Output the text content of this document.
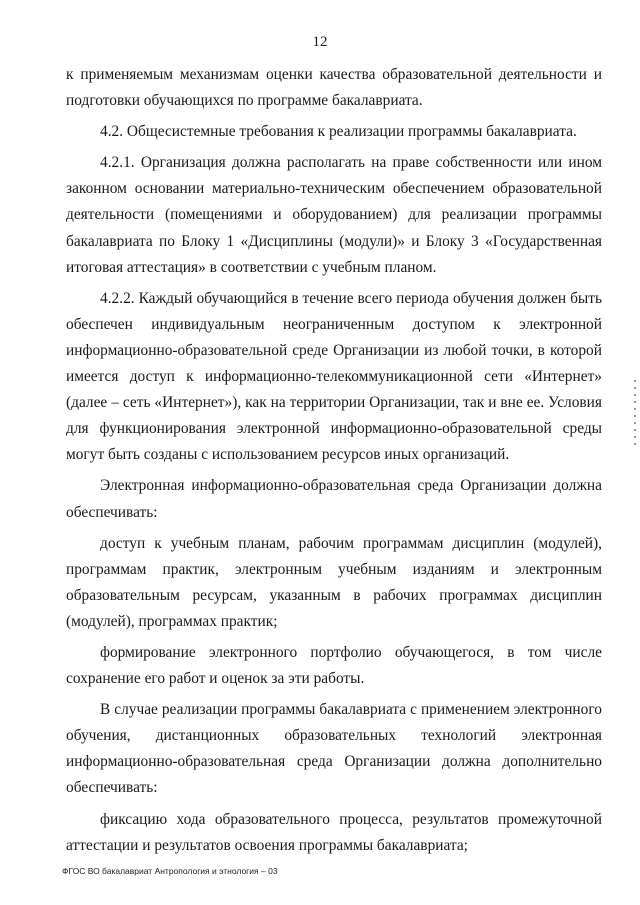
12

к применяемым механизмам оценки качества образовательной деятельности и подготовки обучающихся по программе бакалавриата.

4.2. Общесистемные требования к реализации программы бакалавриата.

4.2.1. Организация должна располагать на праве собственности или ином законном основании материально-техническим обеспечением образовательной деятельности (помещениями и оборудованием) для реализации программы бакалавриата по Блоку 1 «Дисциплины (модули)» и Блоку 3 «Государственная итоговая аттестация» в соответствии с учебным планом.

4.2.2. Каждый обучающийся в течение всего периода обучения должен быть обеспечен индивидуальным неограниченным доступом к электронной информационно-образовательной среде Организации из любой точки, в которой имеется доступ к информационно-телекоммуникационной сети «Интернет» (далее – сеть «Интернет»), как на территории Организации, так и вне ее. Условия для функционирования электронной информационно-образовательной среды могут быть созданы с использованием ресурсов иных организаций.

Электронная информационно-образовательная среда Организации должна обеспечивать:

доступ к учебным планам, рабочим программам дисциплин (модулей), программам практик, электронным учебным изданиям и электронным образовательным ресурсам, указанным в рабочих программах дисциплин (модулей), программах практик;

формирование электронного портфолио обучающегося, в том числе сохранение его работ и оценок за эти работы.

В случае реализации программы бакалавриата с применением электронного обучения, дистанционных образовательных технологий электронная информационно-образовательная среда Организации должна дополнительно обеспечивать:

фиксацию хода образовательного процесса, результатов промежуточной аттестации и результатов освоения программы бакалавриата;

ФГОС ВО бакалавриат Антропология и этнология – 03
